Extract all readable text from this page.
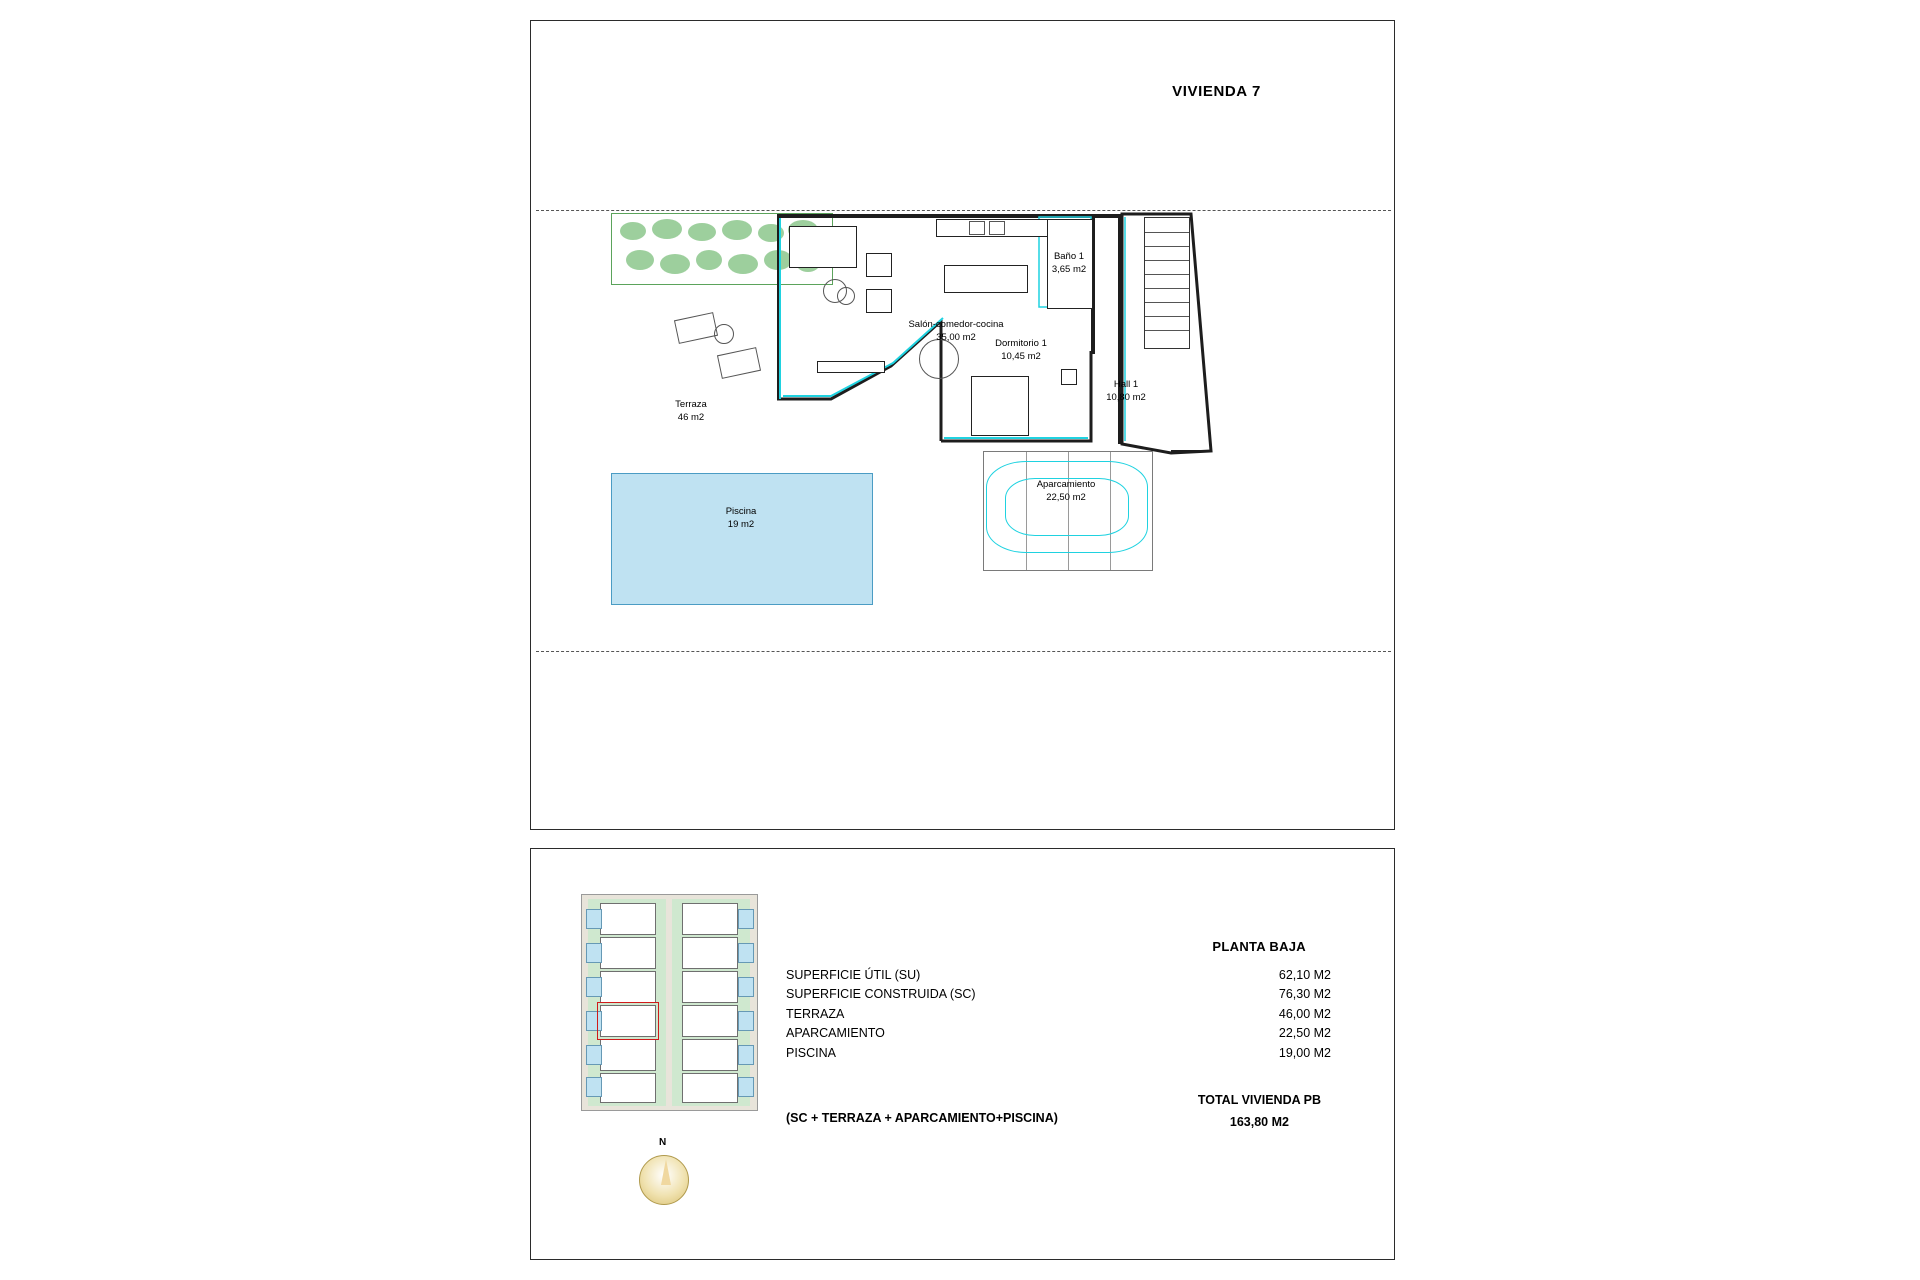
VIVIENDA 7
Terraza
46 m2
Piscina
19 m2
Salón-comedor-cocina
35,00 m2
Baño 1
3,65 m2
Dormitorio 1
10,45 m2
Hall 1
10,80 m2
Aparcamiento
22,50 m2
N
PLANTA BAJA
SUPERFICIE ÚTIL (SU)	62,10 M2
SUPERFICIE CONSTRUIDA (SC)	76,30 M2
TERRAZA	46,00 M2
APARCAMIENTO	22,50 M2
PISCINA	19,00 M2
(SC + TERRAZA + APARCAMIENTO+PISCINA)
TOTAL VIVIENDA PB
163,80 M2
